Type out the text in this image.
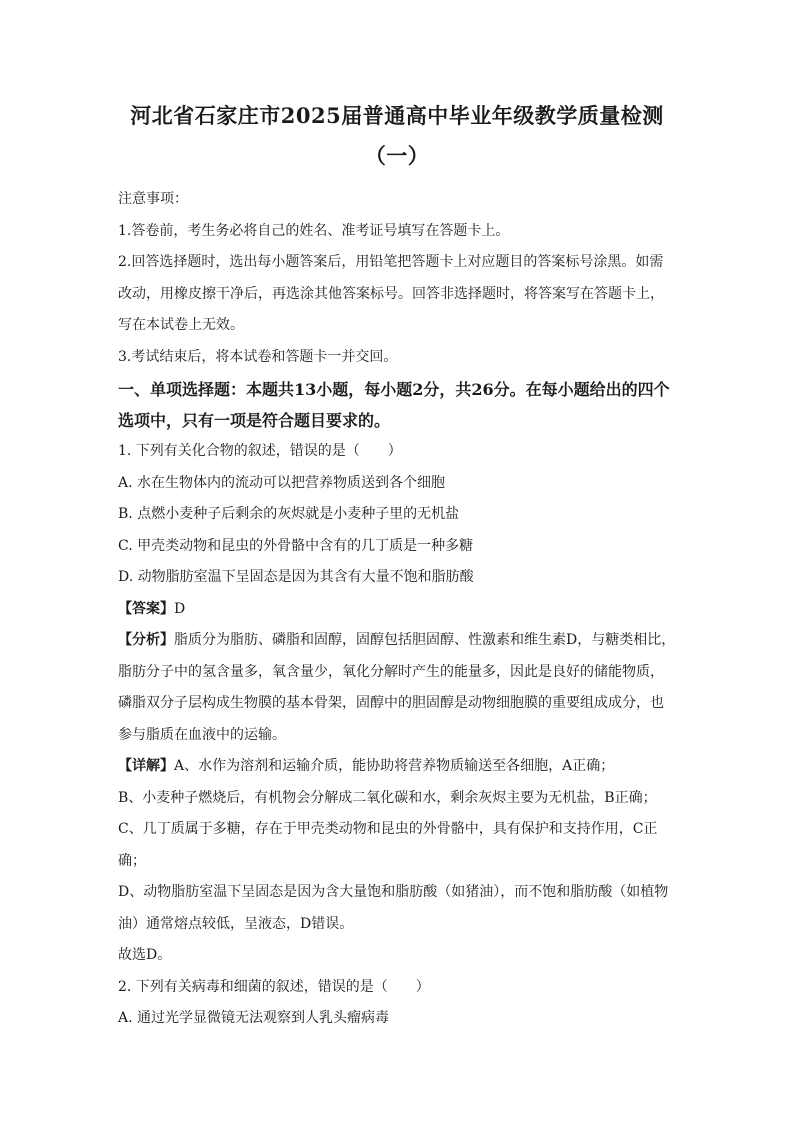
河北省石家庄市2025届普通高中毕业年级教学质量检测
（一）

注意事项：

1.答卷前，考生务必将自己的姓名、准考证号填写在答题卡上。

2.回答选择题时，选出每小题答案后，用铅笔把答题卡上对应题目的答案标号涂黑。如需改动，用橡皮擦干净后，再选涂其他答案标号。回答非选择题时，将答案写在答题卡上，写在本试卷上无效。

3.考试结束后，将本试卷和答题卡一并交回。

一、单项选择题：本题共13小题，每小题2分，共26分。在每小题给出的四个选项中，只有一项是符合题目要求的。

1. 下列有关化合物的叙述，错误的是（　　）

A. 水在生物体内的流动可以把营养物质送到各个细胞

B. 点燃小麦种子后剩余的灰烬就是小麦种子里的无机盐

C. 甲壳类动物和昆虫的外骨骼中含有的几丁质是一种多糖

D. 动物脂肪室温下呈固态是因为其含有大量不饱和脂肪酸

【答案】D

【分析】脂质分为脂肪、磷脂和固醇，固醇包括胆固醇、性激素和维生素D，与糖类相比，脂肪分子中的氢含量多，氧含量少，氧化分解时产生的能量多，因此是良好的储能物质，磷脂双分子层构成生物膜的基本骨架，固醇中的胆固醇是动物细胞膜的重要组成成分，也参与脂质在血液中的运输。

【详解】A、水作为溶剂和运输介质，能协助将营养物质输送至各细胞，A正确；

B、小麦种子燃烧后，有机物会分解成二氧化碳和水，剩余灰烬主要为无机盐，B正确；

C、几丁质属于多糖，存在于甲壳类动物和昆虫的外骨骼中，具有保护和支持作用，C正确；

D、动物脂肪室温下呈固态是因为含大量饱和脂肪酸（如猪油），而不饱和脂肪酸（如植物油）通常熔点较低，呈液态，D错误。

故选D。

2. 下列有关病毒和细菌的叙述，错误的是（　　）

A. 通过光学显微镜无法观察到人乳头瘤病毒
